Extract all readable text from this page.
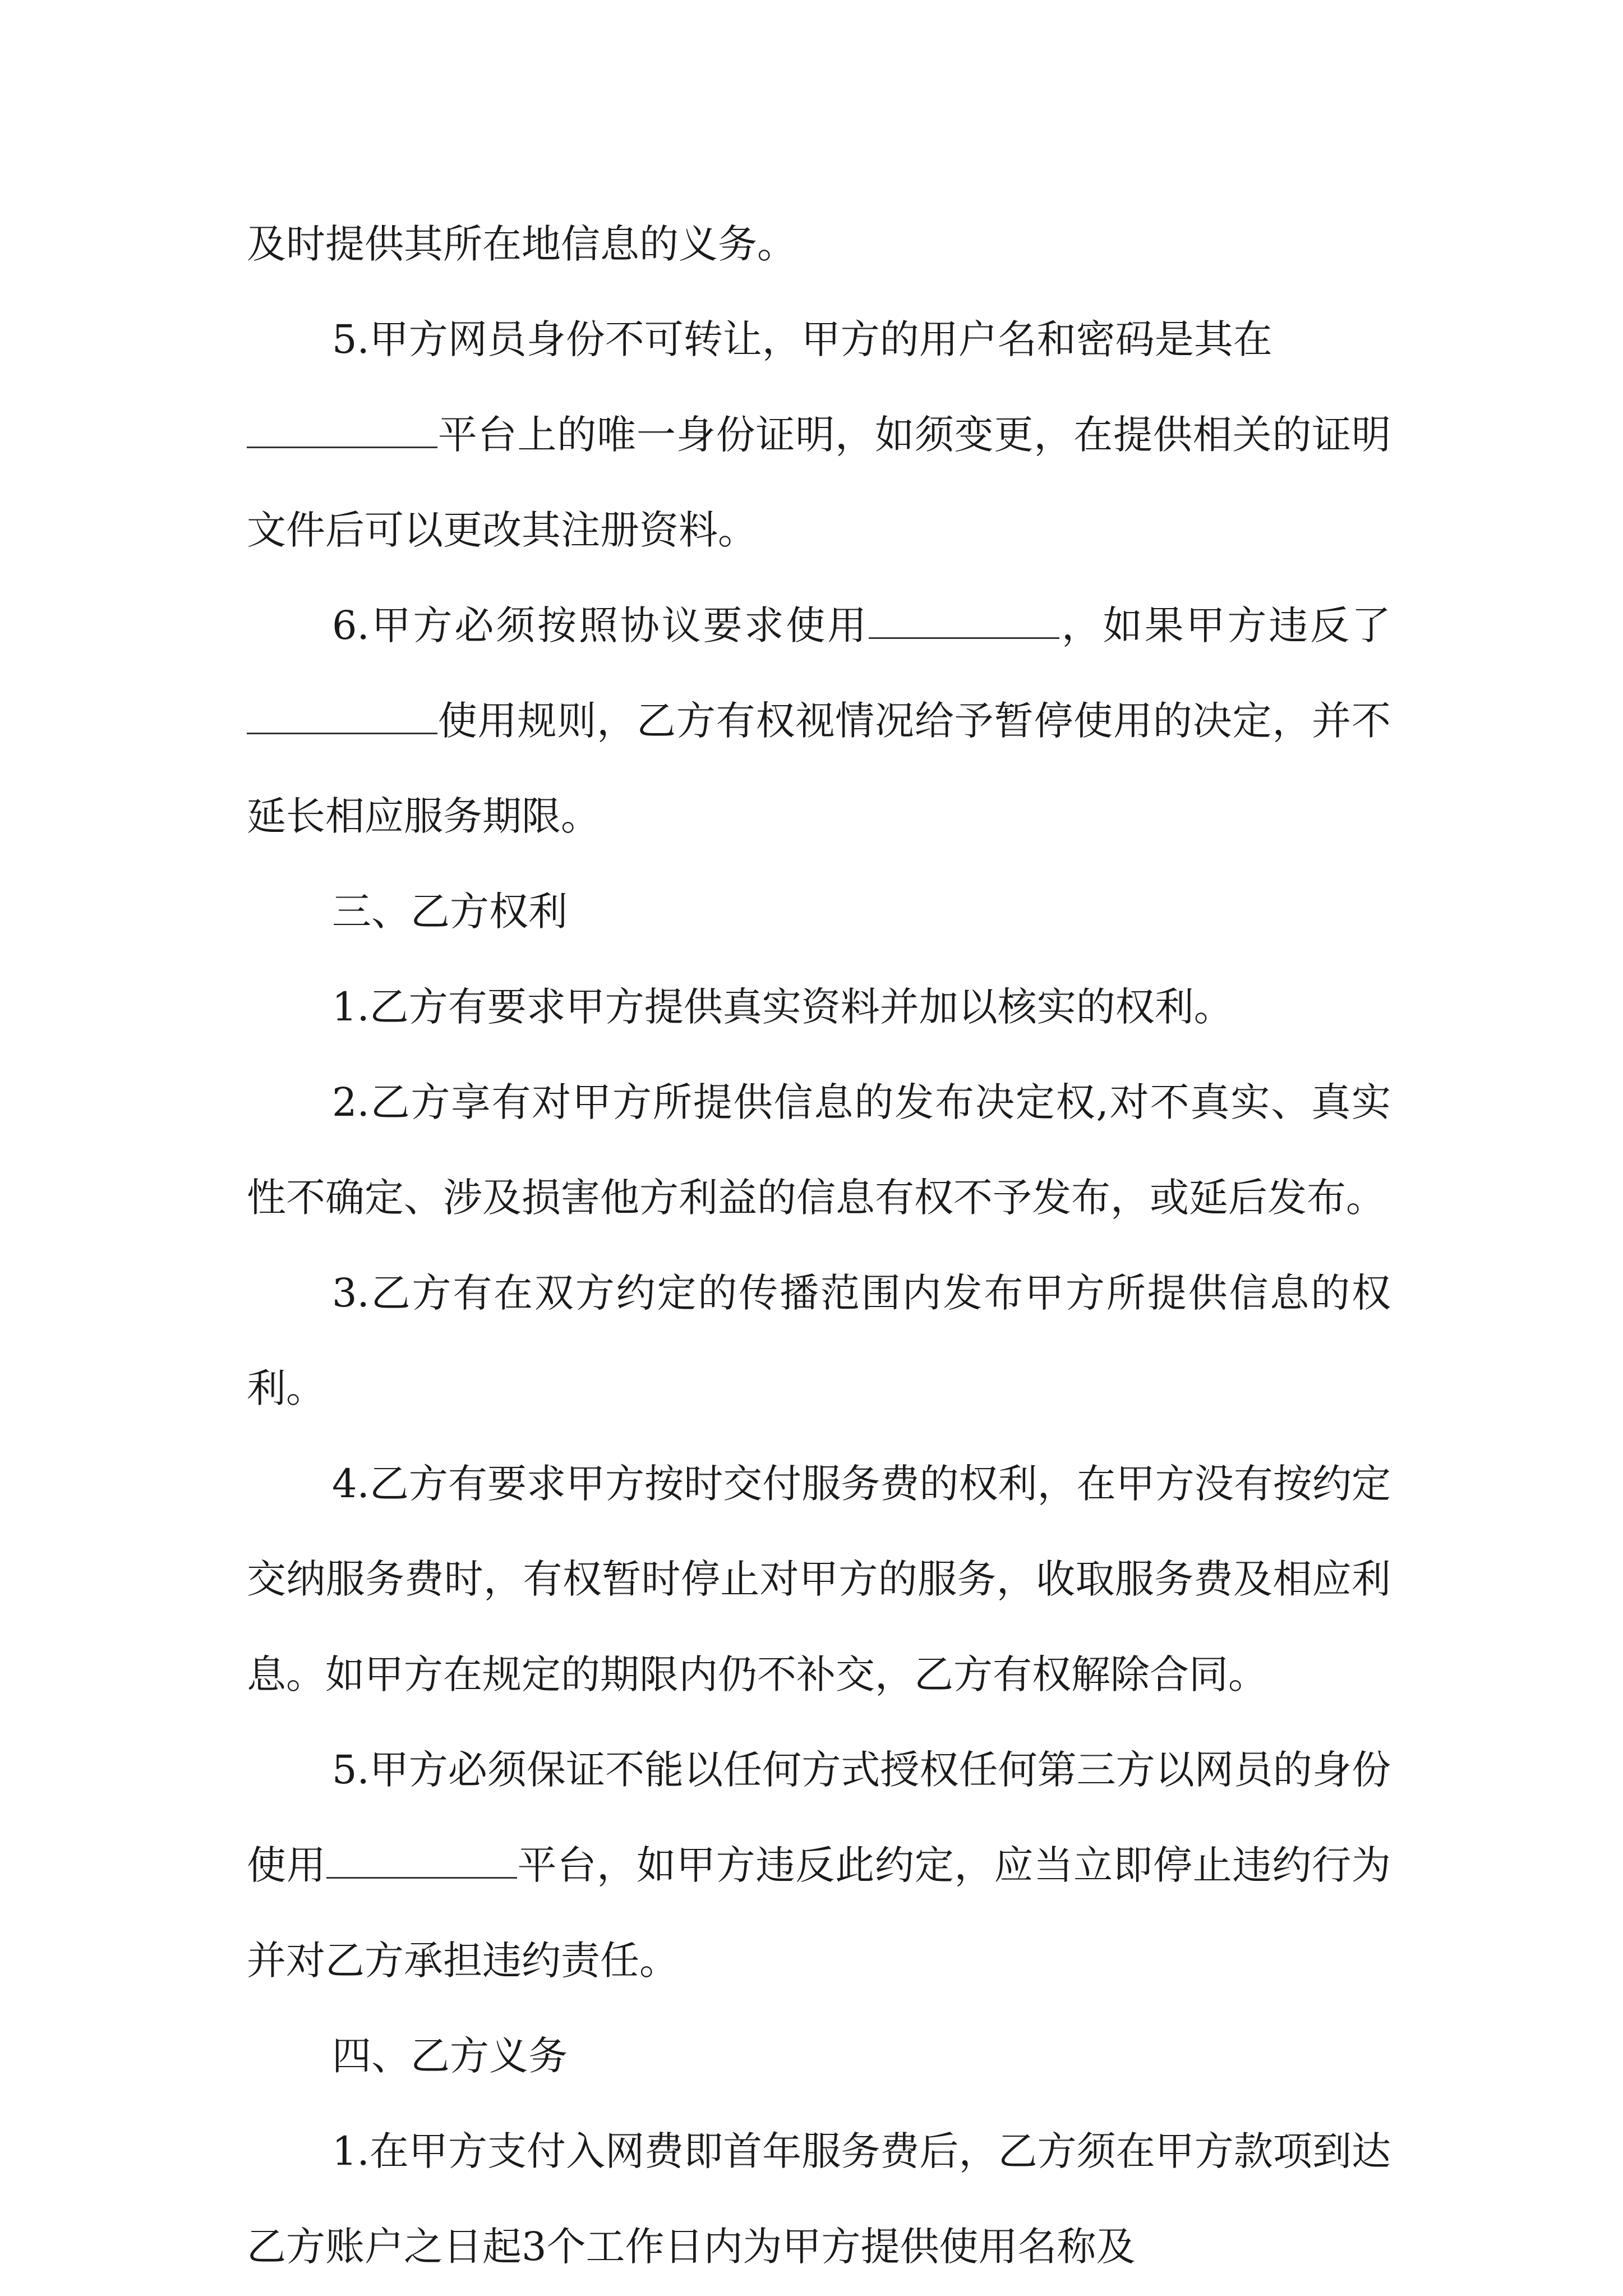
及时提供其所在地信息的义务。

5.甲方网员身份不可转让，甲方的用户名和密码是其在
平台上的唯一身份证明，如须变更，在提供相关的证明文件后可以更改其注册资料。

6.甲方必须按照协议要求使用	，如果甲方违反了使用规则，乙方有权视情况给予暂停使用的决定，并不延长相应服务期限。

三、乙方权利

1.乙方有要求甲方提供真实资料并加以核实的权利。

2.乙方享有对甲方所提供信息的发布决定权,对不真实、真实性不确定、涉及损害他方利益的信息有权不予发布，或延后发布。

3.乙方有在双方约定的传播范围内发布甲方所提供信息的权利。

4.乙方有要求甲方按时交付服务费的权利，在甲方没有按约定交纳服务费时，有权暂时停止对甲方的服务，收取服务费及相应利息。如甲方在规定的期限内仍不补交，乙方有权解除合同。

5.甲方必须保证不能以任何方式授权任何第三方以网员的身份使用	平台，如甲方违反此约定，应当立即停止违约行为并对乙方承担违约责任。

四、乙方义务

1.在甲方支付入网费即首年服务费后，乙方须在甲方款项到达乙方账户之日起3个工作日内为甲方提供使用名称及
